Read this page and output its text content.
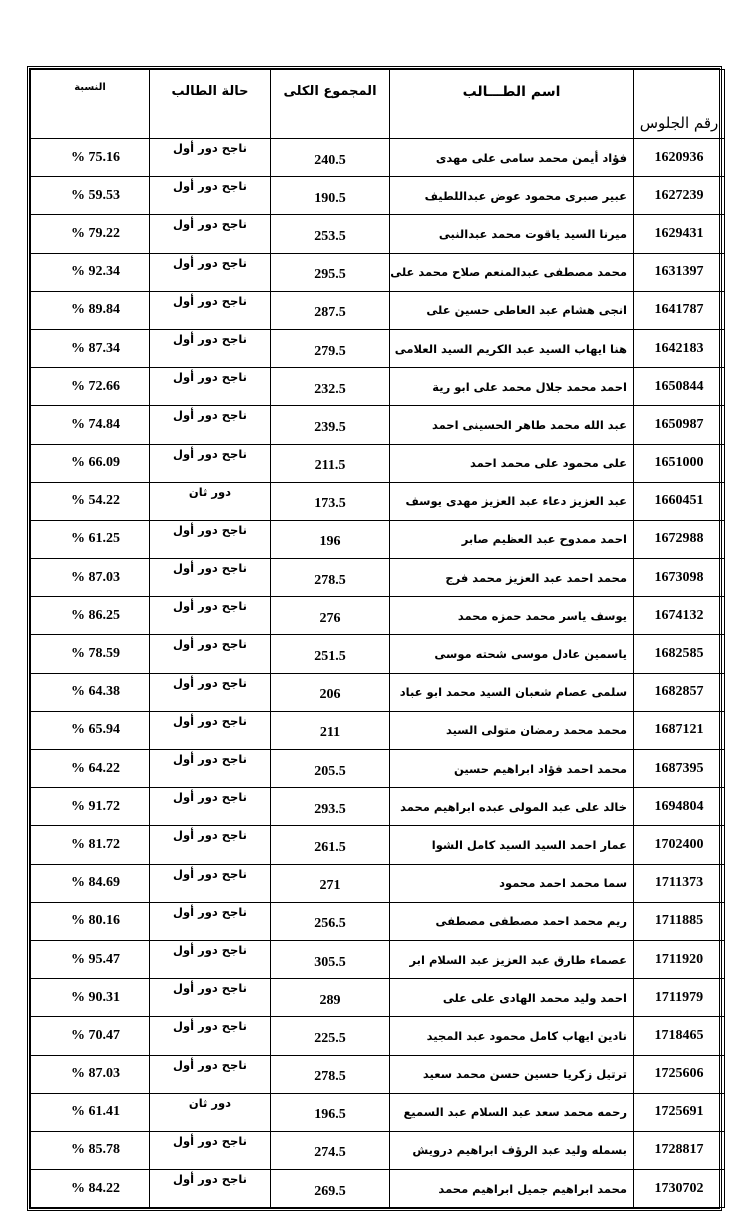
رقم الجلوس	اسم الطـــالب	المجموع الكلى	حالة الطالب	النسبة
1620936	فؤاد أيمن محمد سامى على مهدى	240.5	ناجح دور أول	% 75.16
1627239	عبير صبرى محمود عوض عبداللطيف	190.5	ناجح دور أول	% 59.53
1629431	ميرنا السيد ياقوت محمد عبدالنبى	253.5	ناجح دور أول	% 79.22
1631397	محمد مصطفى عبدالمنعم صلاح محمد على	295.5	ناجح دور أول	% 92.34
1641787	انجى هشام عبد العاطى حسين على	287.5	ناجح دور أول	% 89.84
1642183	هنا ايهاب السيد عبد الكريم السيد العلامى	279.5	ناجح دور أول	% 87.34
1650844	احمد محمد جلال محمد على ابو رية	232.5	ناجح دور أول	% 72.66
1650987	عبد الله محمد طاهر الحسينى احمد	239.5	ناجح دور أول	% 74.84
1651000	على محمود على محمد احمد	211.5	ناجح دور أول	% 66.09
1660451	عبد العزيز دعاء عبد العزيز مهدى يوسف	173.5	دور ثان	% 54.22
1672988	احمد ممدوح عبد العظيم صابر	196	ناجح دور أول	% 61.25
1673098	محمد احمد عبد العزيز محمد فرج	278.5	ناجح دور أول	% 87.03
1674132	يوسف ياسر محمد حمزه محمد	276	ناجح دور أول	% 86.25
1682585	ياسمين عادل موسى شحته موسى	251.5	ناجح دور أول	% 78.59
1682857	سلمى عصام شعبان السيد محمد ابو عباد	206	ناجح دور أول	% 64.38
1687121	محمد محمد رمضان متولى السيد	211	ناجح دور أول	% 65.94
1687395	محمد احمد فؤاد ابراهيم حسين	205.5	ناجح دور أول	% 64.22
1694804	خالد على عبد المولى عبده ابراهيم محمد	293.5	ناجح دور أول	% 91.72
1702400	عمار احمد السيد السيد كامل الشوا	261.5	ناجح دور أول	% 81.72
1711373	سما محمد احمد محمود	271	ناجح دور أول	% 84.69
1711885	ريم محمد احمد مصطفى مصطفى	256.5	ناجح دور أول	% 80.16
1711920	عصماء طارق عبد العزيز عبد السلام ابر	305.5	ناجح دور أول	% 95.47
1711979	احمد وليد محمد الهادى على على	289	ناجح دور أول	% 90.31
1718465	نادين ايهاب كامل محمود عبد المجيد	225.5	ناجح دور أول	% 70.47
1725606	ترتيل زكريا حسين حسن محمد سعيد	278.5	ناجح دور أول	% 87.03
1725691	رحمه محمد سعد عبد السلام عبد السميع	196.5	دور ثان	% 61.41
1728817	بسمله وليد عبد الرؤف ابراهيم درويش	274.5	ناجح دور أول	% 85.78
1730702	محمد ابراهيم جميل ابراهيم محمد	269.5	ناجح دور أول	% 84.22
